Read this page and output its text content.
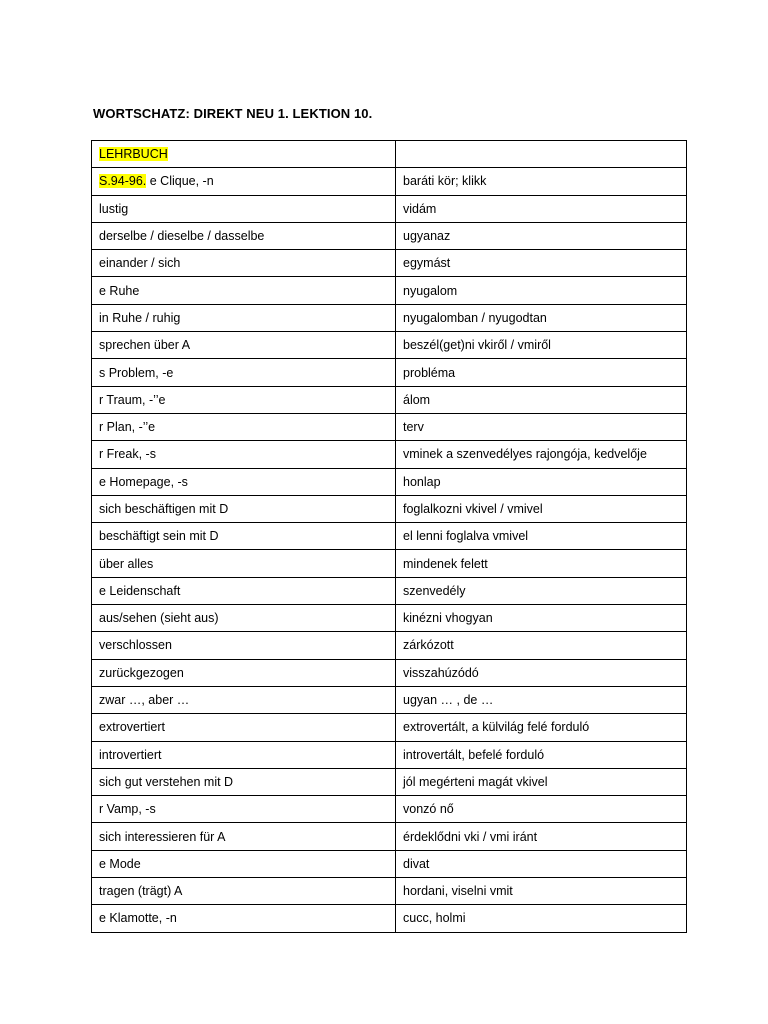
WORTSCHATZ: DIREKT NEU 1. LEKTION 10.
LEHRBUCH	
S.94-96. e Clique, -n	baráti kör; klikk
lustig	vidám
derselbe / dieselbe / dasselbe	ugyanaz
einander / sich	egymást
e Ruhe	nyugalom
in Ruhe / ruhig	nyugalomban / nyugodtan
sprechen über A	beszél(get)ni vkiről / vmiről
s Problem, -e	probléma
r Traum, -’’e	álom
r Plan, -’’e	terv
r Freak, -s	vminek a szenvedélyes rajongója, kedvelője
e Homepage, -s	honlap
sich beschäftigen mit D	foglalkozni vkivel / vmivel
beschäftigt sein mit D	el lenni foglalva vmivel
über alles	mindenek felett
e Leidenschaft	szenvedély
aus/sehen (sieht aus)	kinézni vhogyan
verschlossen	zárkózott
zurückgezogen	visszahúzódó
zwar …, aber …	ugyan … , de …
extrovertiert	extrovertált, a külvilág felé forduló
introvertiert	introvertált, befelé forduló
sich gut verstehen mit D	jól megérteni magát vkivel
r Vamp, -s	vonzó nő
sich interessieren für A	érdeklődni vki / vmi iránt
e Mode	divat
tragen (trägt) A	hordani, viselni vmit
e Klamotte, -n	cucc, holmi
